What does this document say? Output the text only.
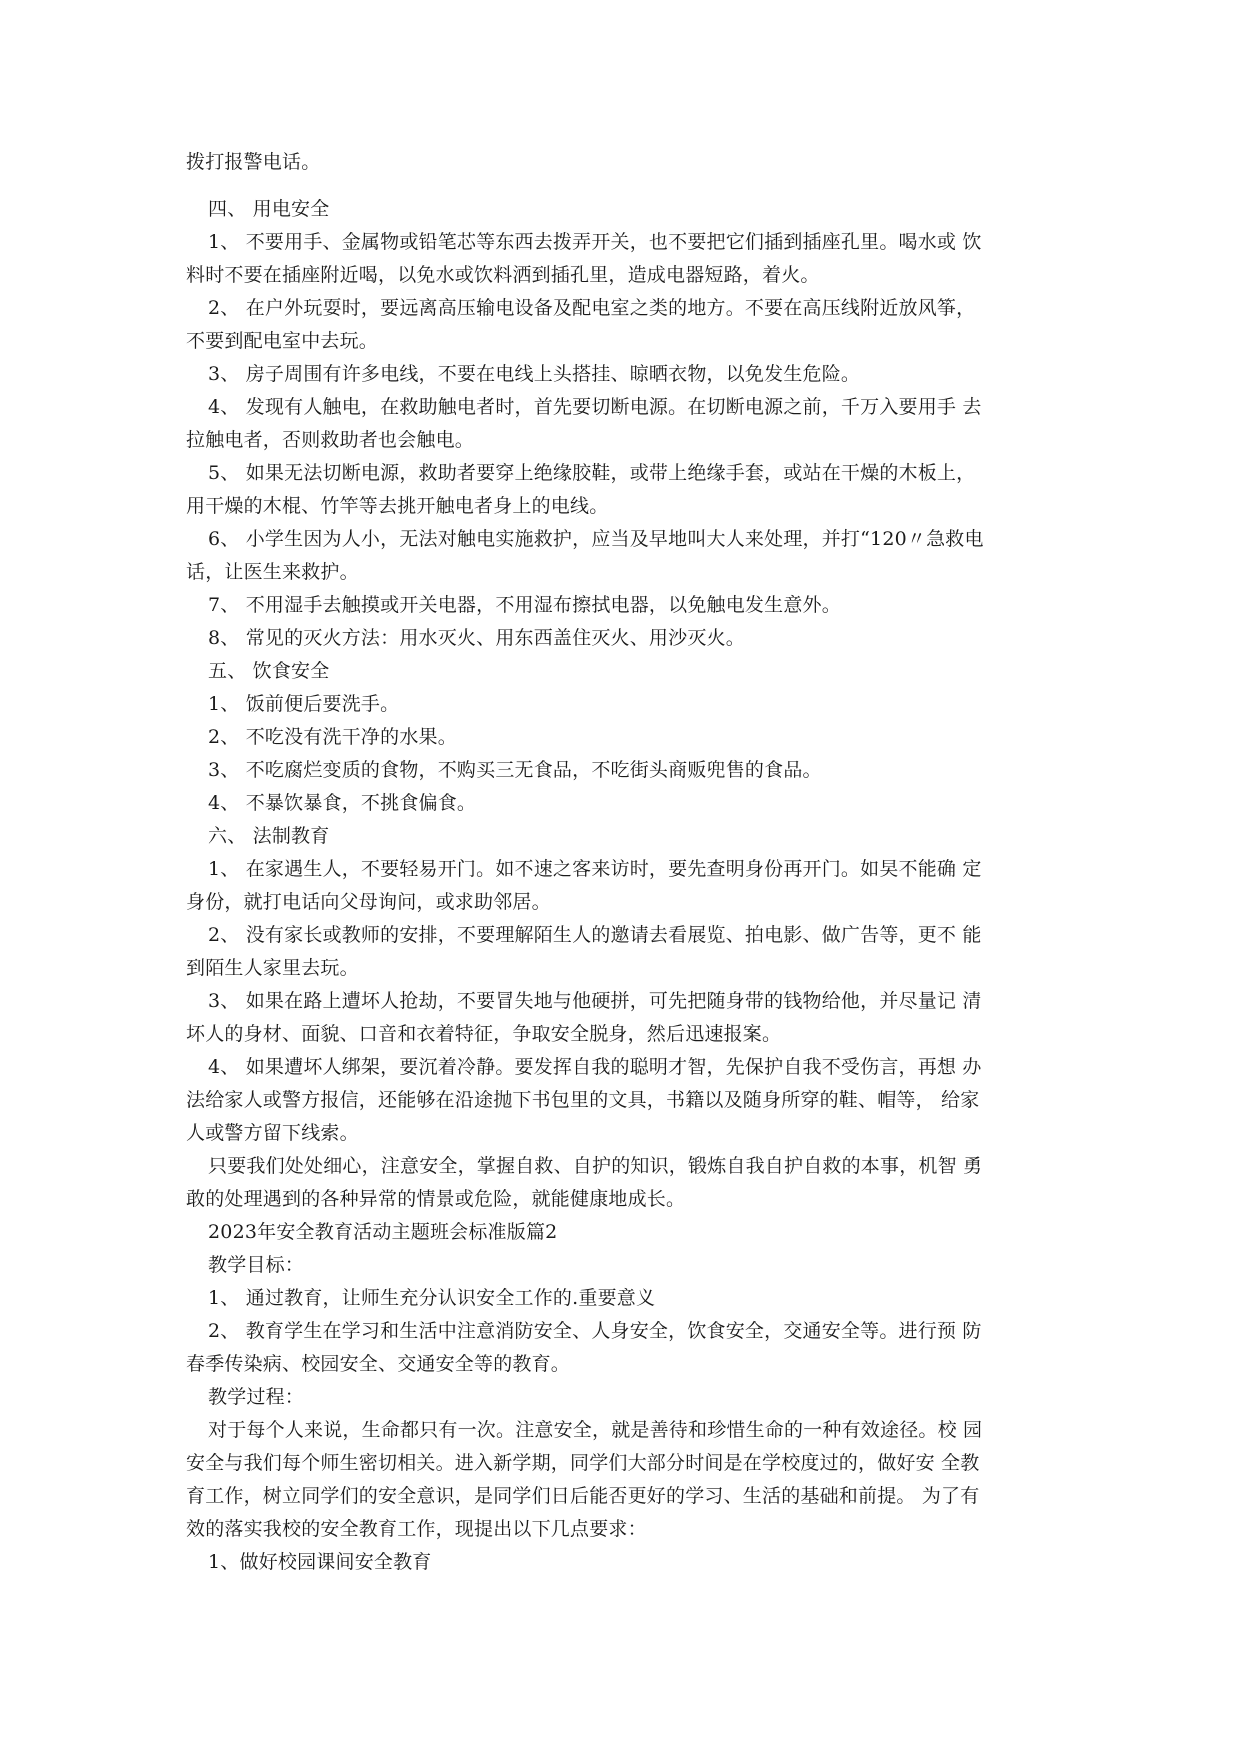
拨打报警电话。
四、 用电安全
1、 不要用手、金属物或铅笔芯等东西去拨弄开关，也不要把它们插到插座孔里。喝水或 饮
料时不要在插座附近喝，以免水或饮料洒到插孔里，造成电器短路，着火。
2、 在户外玩耍时，要远离高压输电设备及配电室之类的地方。不要在高压线附近放风筝，
不要到配电室中去玩。
3、 房子周围有许多电线，不要在电线上头搭挂、晾晒衣物，以免发生危险。
4、 发现有人触电，在救助触电者时，首先要切断电源。在切断电源之前，千万入要用手 去
拉触电者，否则救助者也会触电。
5、 如果无法切断电源，救助者要穿上绝缘胶鞋，或带上绝缘手套，或站在干燥的木板上，
用干燥的木棍、竹竿等去挑开触电者身上的电线。
6、 小学生因为人小，无法对触电实施救护，应当及早地叫大人来处理，并打“120〃急救电
话，让医生来救护。
7、 不用湿手去触摸或开关电器，不用湿布擦拭电器，以免触电发生意外。
8、 常见的灭火方法：用水灭火、用东西盖住灭火、用沙灭火。
五、 饮食安全
1、 饭前便后要洗手。
2、 不吃没有洗干净的水果。
3、 不吃腐烂变质的食物，不购买三无食品，不吃街头商贩兜售的食品。
4、 不暴饮暴食，不挑食偏食。
六、 法制教育
1、 在家遇生人，不要轻易开门。如不速之客来访时，要先查明身份再开门。如旲不能确 定
身份，就打电话向父母询问，或求助邻居。
2、 没有家长或教师的安排，不要理解陌生人的邀请去看展览、拍电影、做广告等，更不 能
到陌生人家里去玩。
3、 如果在路上遭坏人抢劫，不要冒失地与他硬拼，可先把随身带的钱物给他，并尽量记 清
坏人的身材、面貌、口音和衣着特征，争取安全脱身，然后迅速报案。
4、 如果遭坏人绑架，要沉着冷静。要发挥自我的聪明才智，先保护自我不受伤言，再想 办
法给家人或警方报信，还能够在沿途抛下书包里的文具，书籍以及随身所穿的鞋、帽等， 给家
人或警方留下线索。
只要我们处处细心，注意安全，掌握自救、自护的知识，锻炼自我自护自救的本事，机智 勇
敢的处理遇到的各种异常的情景或危险，就能健康地成长。
2023年安全教育活动主题班会标准版篇2
教学目标：
1、 通过教育，让师生充分认识安全工作的.重要意义
2、 教育学生在学习和生活中注意消防安全、人身安全，饮食安全，交通安全等。进行预 防
春季传染病、校园安全、交通安全等的教育。
教学过程：
对于每个人来说，生命都只有一次。注意安全，就是善待和珍惜生命的一种有效途径。校 园
安全与我们每个师生密切相关。进入新学期，同学们大部分时间是在学校度过的，做好安 全教
育工作，树立同学们的安全意识，是同学们日后能否更好的学习、生活的基础和前提。 为了有
效的落实我校的安全教育工作，现提出以下几点要求：
1、做好校园课间安全教育
